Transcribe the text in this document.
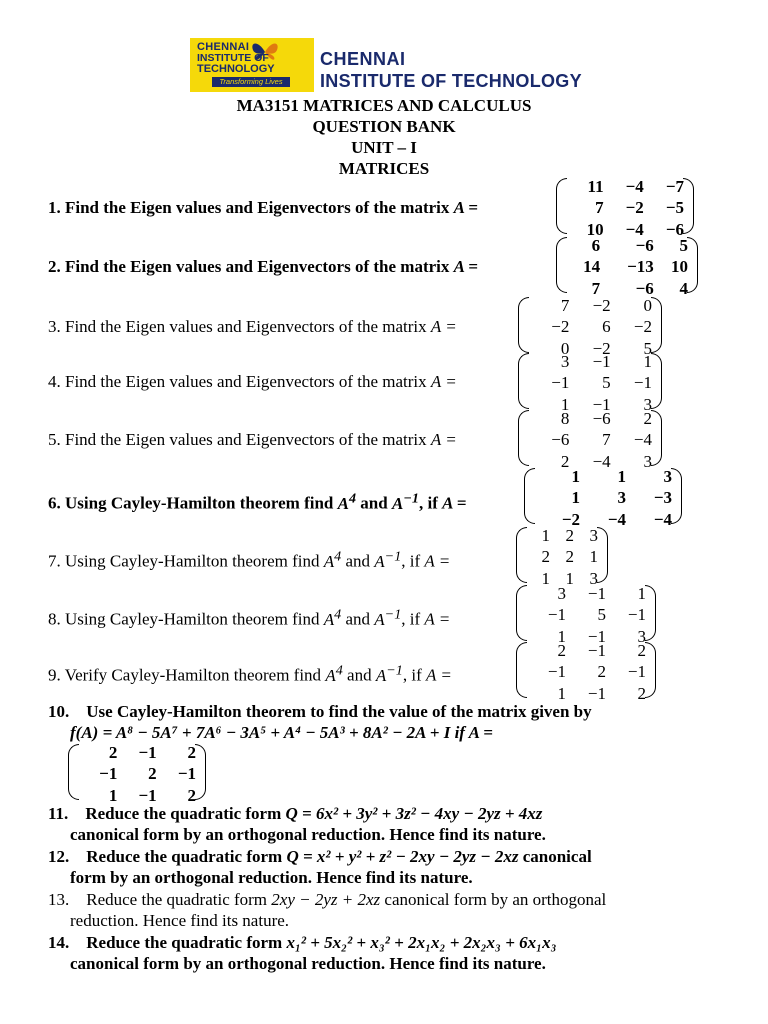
CHENNAI
INSTITUTE OF
TECHNOLOGY
Transforming Lives
CHENNAI
INSTITUTE OF TECHNOLOGY
MA3151 MATRICES AND CALCULUS
QUESTION BANK
UNIT – I
MATRICES
1. Find the Eigen values and Eigenvectors of the matrix A =
11	−4	−7
7	−2	−5
10	−4	−6
2. Find the Eigen values and Eigenvectors of the matrix A =
6	−6	5
14	−13	10
7	−6	4
3. Find the Eigen values and Eigenvectors of the matrix A =
7	−2	0
−2	6	−2
0	−2	5
4. Find the Eigen values and Eigenvectors of the matrix A =
3	−1	1
−1	5	−1
1	−1	3
5. Find the Eigen values and Eigenvectors of the matrix A =
8	−6	2
−6	7	−4
2	−4	3
6. Using Cayley-Hamilton theorem find $A^4$ and $A^{-1}$, if A =
1	1	3
1	3	−3
−2	−4	−4
7. Using Cayley-Hamilton theorem find $A^4$ and $A^{-1}$, if A =
1	2	3
2	2	1
1	1	3
8. Using Cayley-Hamilton theorem find $A^4$ and $A^{-1}$, if A =
3	−1	1
−1	5	−1
1	−1	3
9. Verify Cayley-Hamilton theorem find $A^4$ and $A^{-1}$, if A =
2	−1	2
−1	2	−1
1	−1	2
10. Use Cayley-Hamilton theorem to find the value of the matrix given by
f(A) = A⁸ − 5A⁷ + 7A⁶ − 3A⁵ + A⁴ − 5A³ + 8A² − 2A + I if A =
2	−1	2
−1	2	−1
1	−1	2
11. Reduce the quadratic form Q = 6x² + 3y² + 3z² − 4xy − 2yz + 4xz
canonical form by an orthogonal reduction. Hence find its nature.
12. Reduce the quadratic form Q = x² + y² + z² − 2xy − 2yz − 2xz canonical
form by an orthogonal reduction. Hence find its nature.
13. Reduce the quadratic form 2xy − 2yz + 2xz canonical form by an orthogonal
reduction. Hence find its nature.
14. Reduce the quadratic form x₁² + 5x₂² + x₃² + 2x₁x₂ + 2x₂x₃ + 6x₁x₃
canonical form by an orthogonal reduction. Hence find its nature.
